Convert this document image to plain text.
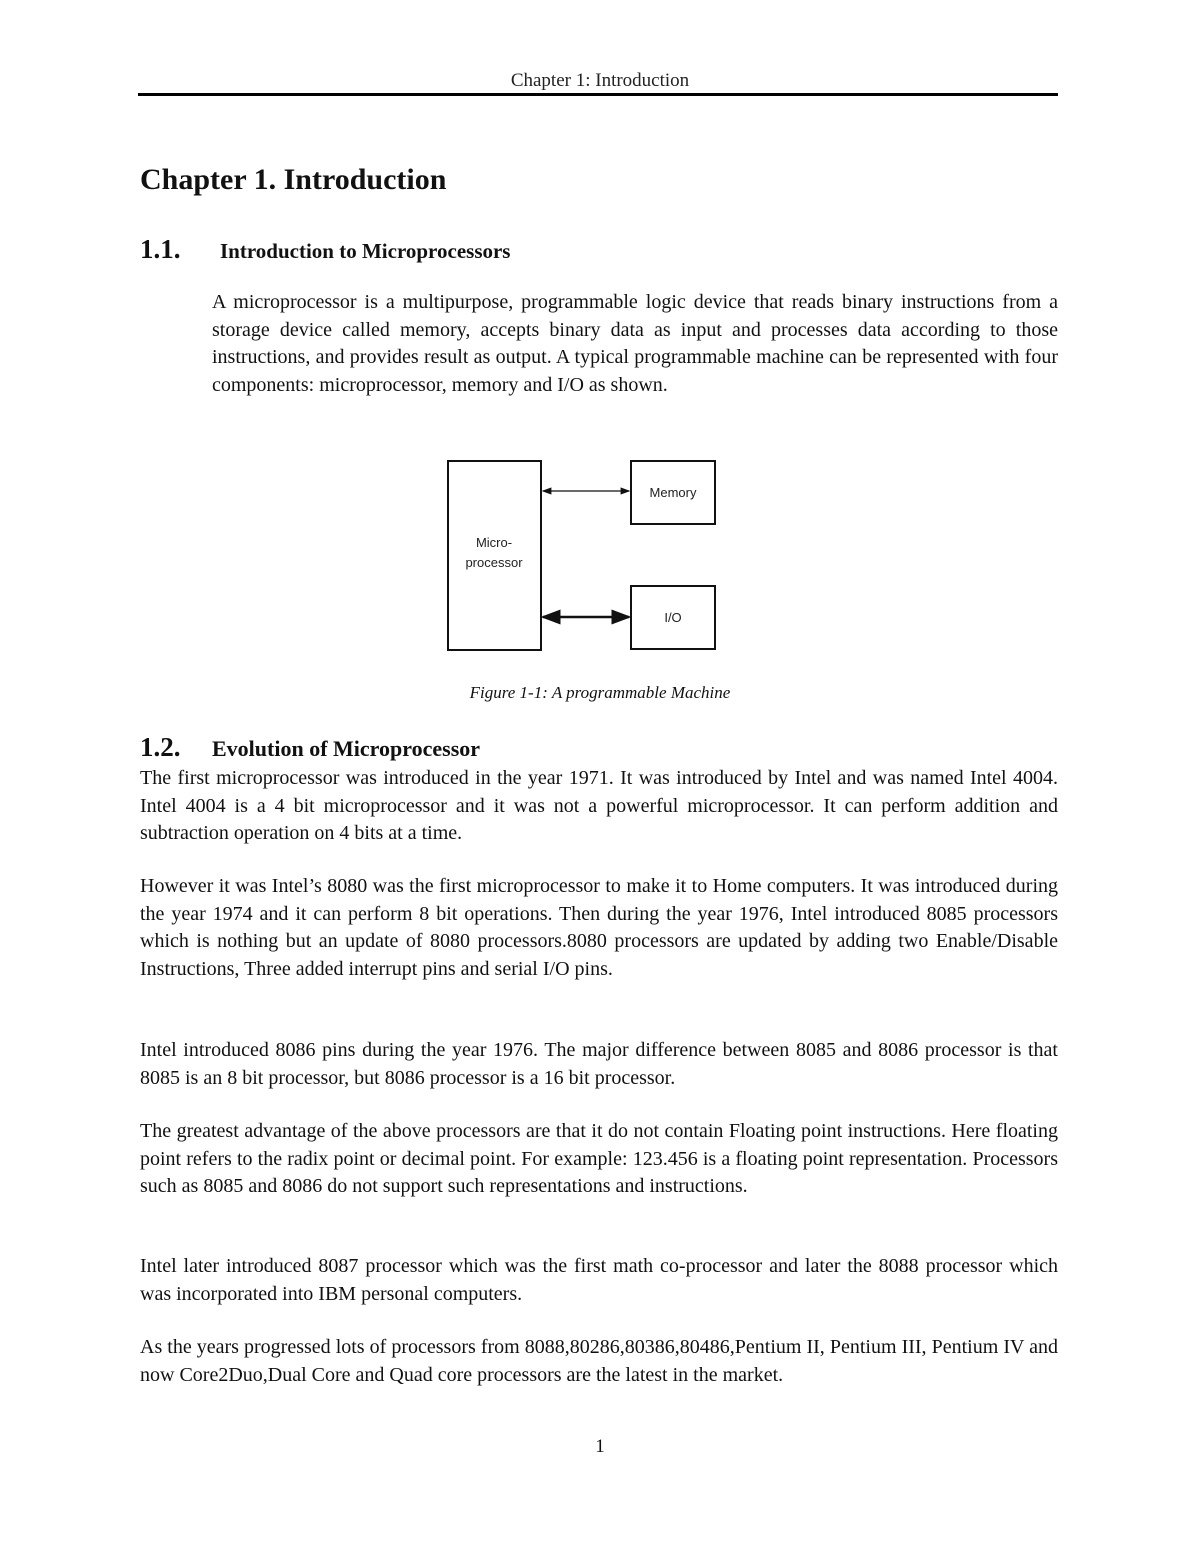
Chapter 1: Introduction
Chapter 1. Introduction
1.1. Introduction to Microprocessors

A microprocessor is a multipurpose, programmable logic device that reads binary instructions from a storage device called memory, accepts binary data as input and processes data according to those instructions, and provides result as output. A typical programmable machine can be represented with four components: microprocessor, memory and I/O as shown.

Micro-
processor
Memory
I/O

Figure 1-1: A programmable Machine

1.2. Evolution of Microprocessor

The first microprocessor was introduced in the year 1971. It was introduced by Intel and was named Intel 4004. Intel 4004 is a 4 bit microprocessor and it was not a powerful microprocessor. It can perform addition and subtraction operation on 4 bits at a time.

However it was Intel’s 8080 was the first microprocessor to make it to Home computers. It was introduced during the year 1974 and it can perform 8 bit operations. Then during the year 1976, Intel introduced 8085 processors which is nothing but an update of 8080 processors.8080 processors are updated by adding two Enable/Disable Instructions, Three added interrupt pins and serial I/O pins.

Intel introduced 8086 pins during the year 1976. The major difference between 8085 and 8086 processor is that 8085 is an 8 bit processor, but 8086 processor is a 16 bit processor.

The greatest advantage of the above processors are that it do not contain Floating point instructions. Here floating point refers to the radix point or decimal point. For example: 123.456 is a floating point representation. Processors such as 8085 and 8086 do not support such representations and instructions.

Intel later introduced 8087 processor which was the first math co-processor and later the 8088 processor which was incorporated into IBM personal computers.

As the years progressed lots of processors from 8088,80286,80386,80486,Pentium II, Pentium III, Pentium IV and now Core2Duo,Dual Core and Quad core processors are the latest in the market.

1
